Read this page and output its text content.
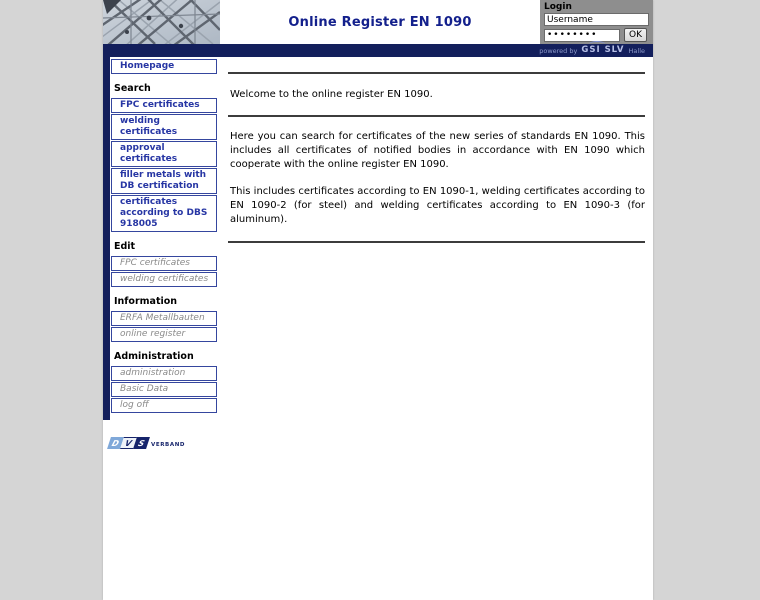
Online Register EN 1090
Login
Username
••••••••
OK
powered by GSI SLV Halle
Homepage
Search
FPC certificates
welding certificates
approval certificates
filler metals with DB certification
certificates according to DBS 918005
Edit
FPC certificates
welding certificates
Information
ERFA Metallbauten
online register
Administration
administration
Basic Data
log off
D V S VERBAND

Welcome to the online register EN 1090.

Here you can search for certificates of the new series of standards EN 1090. This includes all certificates of notified bodies in accordance with EN 1090 which cooperate with the online register EN 1090.

This includes certificates according to EN 1090-1, welding certificates according to EN 1090-2 (for steel) and welding certificates according to EN 1090-3 (for aluminum).
